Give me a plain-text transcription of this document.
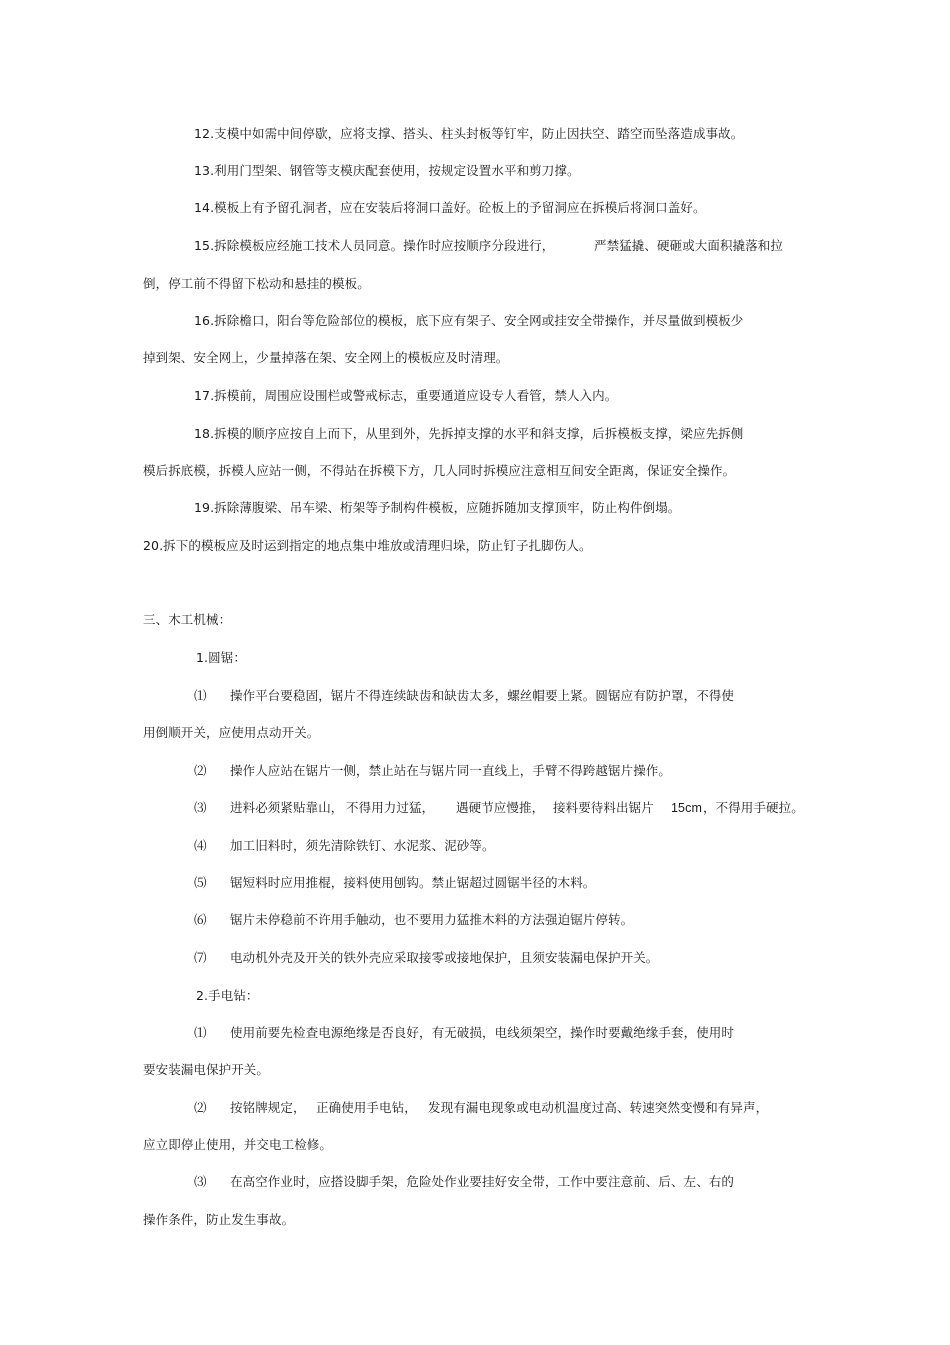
12.支模中如需中间停歇，应将支撑、搭头、柱头封板等钉牢，防止因扶空、踏空而坠落造成事故。
13.利用门型架、钢管等支模庆配套使用，按规定设置水平和剪刀撑。
14.模板上有予留孔洞者，应在安装后将洞口盖好。砼板上的予留洞应在拆模后将洞口盖好。
15.拆除模板应经施工技术人员同意。操作时应按顺序分段进行，	严禁猛撬、硬砸或大面积撬落和拉
倒，停工前不得留下松动和悬挂的模板。
16.拆除檐口，阳台等危险部位的模板，底下应有架子、安全网或挂安全带操作，并尽量做到模板少
掉到架、安全网上，少量掉落在架、安全网上的模板应及时清理。
17.拆模前，周围应设围栏或警戒标志，重要通道应设专人看管，禁人入内。
18.拆模的顺序应按自上而下，从里到外，先拆掉支撑的水平和斜支撑，后拆模板支撑，梁应先拆侧
模后拆底模，拆模人应站一侧，不得站在拆模下方，几人同时拆模应注意相互间安全距离，保证安全操作。
19.拆除薄腹梁、吊车梁、桁架等予制构件模板，应随拆随加支撑顶牢，防止构件倒塌。
20.拆下的模板应及时运到指定的地点集中堆放或清理归垛，防止钉子扎脚伤人。
三、木工机械：
1.圆锯：
⑴ 操作平台要稳固，锯片不得连续缺齿和缺齿太多，螺丝帽要上紧。圆锯应有防护罩，不得使
用倒顺开关，应使用点动开关。
⑵ 操作人应站在锯片一侧，禁止站在与锯片同一直线上，手臂不得跨越锯片操作。
⑶ 进料必须紧贴靠山， 不得用力过猛， 遇硬节应慢推， 接料要待料出锯片 15cm ，不得用手硬拉。
⑷ 加工旧料时，须先清除铁钉、水泥浆、泥砂等。
⑸ 锯短料时应用推棍，接料使用刨钩。禁止锯超过圆锯半径的木料。
⑹ 锯片未停稳前不许用手触动，也不要用力猛推木料的方法强迫锯片停转。
⑺ 电动机外壳及开关的铁外壳应采取接零或接地保护，且须安装漏电保护开关。
2.手电钻：
⑴ 使用前要先检查电源绝缘是否良好，有无破损，电线须架空，操作时要戴绝缘手套，使用时
要安装漏电保护开关。
⑵ 按铭牌规定， 正确使用手电钻， 发现有漏电现象或电动机温度过高、转速突然变慢和有异声，
应立即停止使用，并交电工检修。
⑶ 在高空作业时，应搭设脚手架，危险处作业要挂好安全带，工作中要注意前、后、左、右的
操作条件，防止发生事故。
